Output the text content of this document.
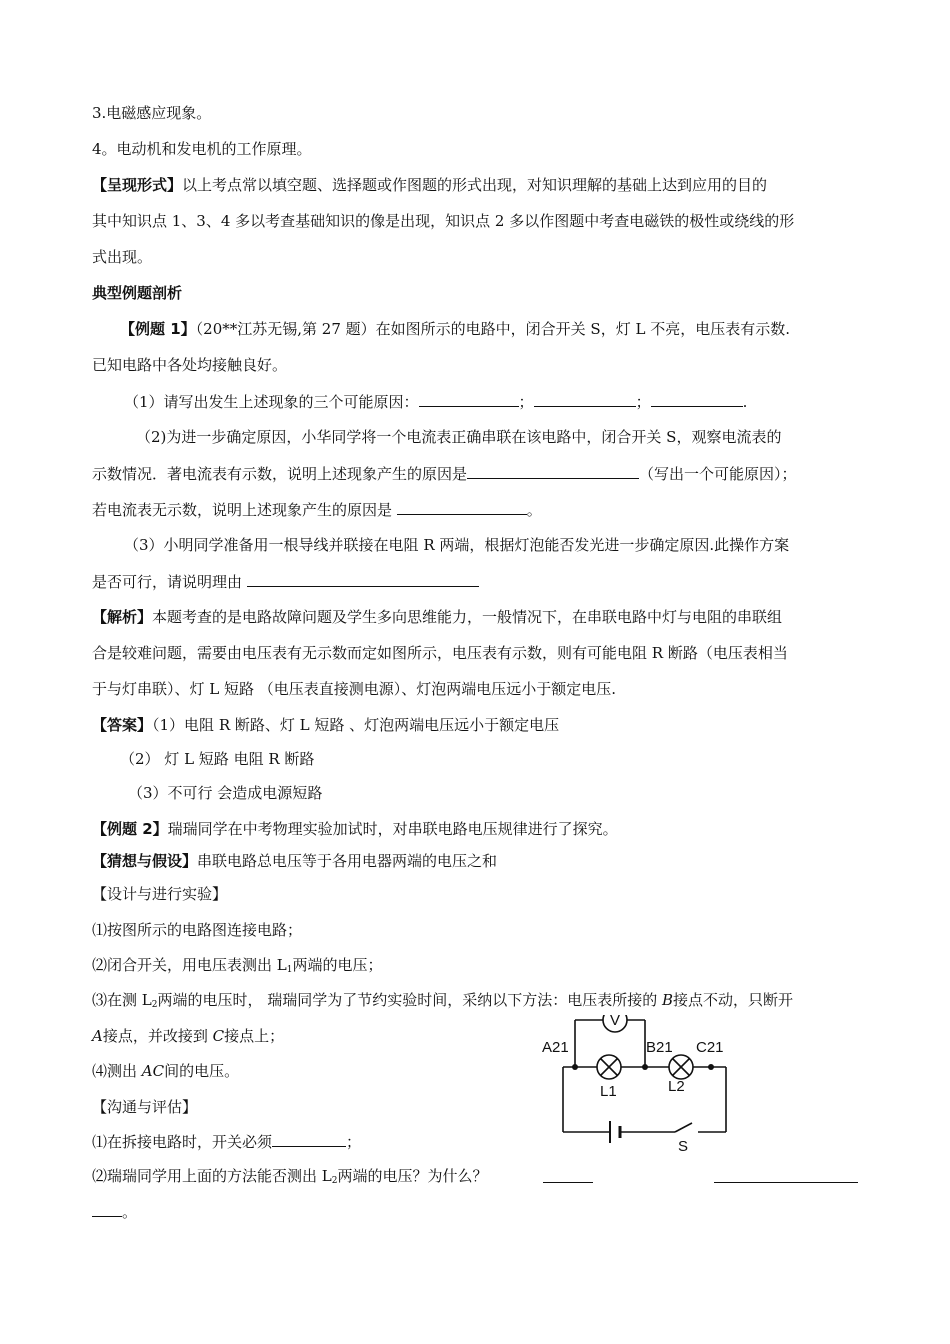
3.电磁感应现象。
4。电动机和发电机的工作原理。
【呈现形式】以上考点常以填空题、选择题或作图题的形式出现，对知识理解的基础上达到应用的目的
其中知识点 1、3、4 多以考查基础知识的像是出现，知识点 2 多以作图题中考查电磁铁的极性或绕线的形
式出现。
典型例题剖析
【例题 1】（20**江苏无锡,第 27 题）在如图所示的电路中，闭合开关 S，灯 L 不亮，电压表有示数.
已知电路中各处均接触良好。
（1）请写出发生上述现象的三个可能原因：	；	；	.
（2)为进一步确定原因，小华同学将一个电流表正确串联在该电路中，闭合开关 S，观察电流表的
示数情况．著电流表有示数，说明上述现象产生的原因是	（写出一个可能原因）；
若电流表无示数，说明上述现象产生的原因是	。
（3）小明同学准备用一根导线并联接在电阻 R 两端，根据灯泡能否发光进一步确定原因.此操作方案
是否可行，请说明理由
【解析】本题考查的是电路故障问题及学生多向思维能力，一般情况下，在串联电路中灯与电阻的串联组
合是较难问题，需要由电压表有无示数而定如图所示，电压表有示数，则有可能电阻 R 断路（电压表相当
于与灯串联）、灯 L 短路 （电压表直接测电源）、灯泡两端电压远小于额定电压.
【答案】（1）电阻 R 断路、灯 L 短路 、灯泡两端电压远小于额定电压
（2） 灯 L 短路 电阻 R 断路
（3）不可行 会造成电源短路
【例题 2】瑞瑞同学在中考物理实验加试时，对串联电路电压规律进行了探究。
【猜想与假设】串联电路总电压等于各用电器两端的电压之和
【设计与进行实验】
⑴按图所示的电路图连接电路；
⑵闭合开关，用电压表测出 $L_1$两端的电压；
⑶在测 $L_2$两端的电压时， 瑞瑞同学为了节约实验时间，采纳以下方法：电压表所接的 B接点不动，只断开
A接点，并改接到 C接点上；
⑷测出 AC间的电压。
【沟通与评估】
⑴在拆接电路时，开关必须	；
⑵瑞瑞同学用上面的方法能否测出 $L_2$两端的电压？为什么？
。
V
A21	B21 C21
L1	L2
S
